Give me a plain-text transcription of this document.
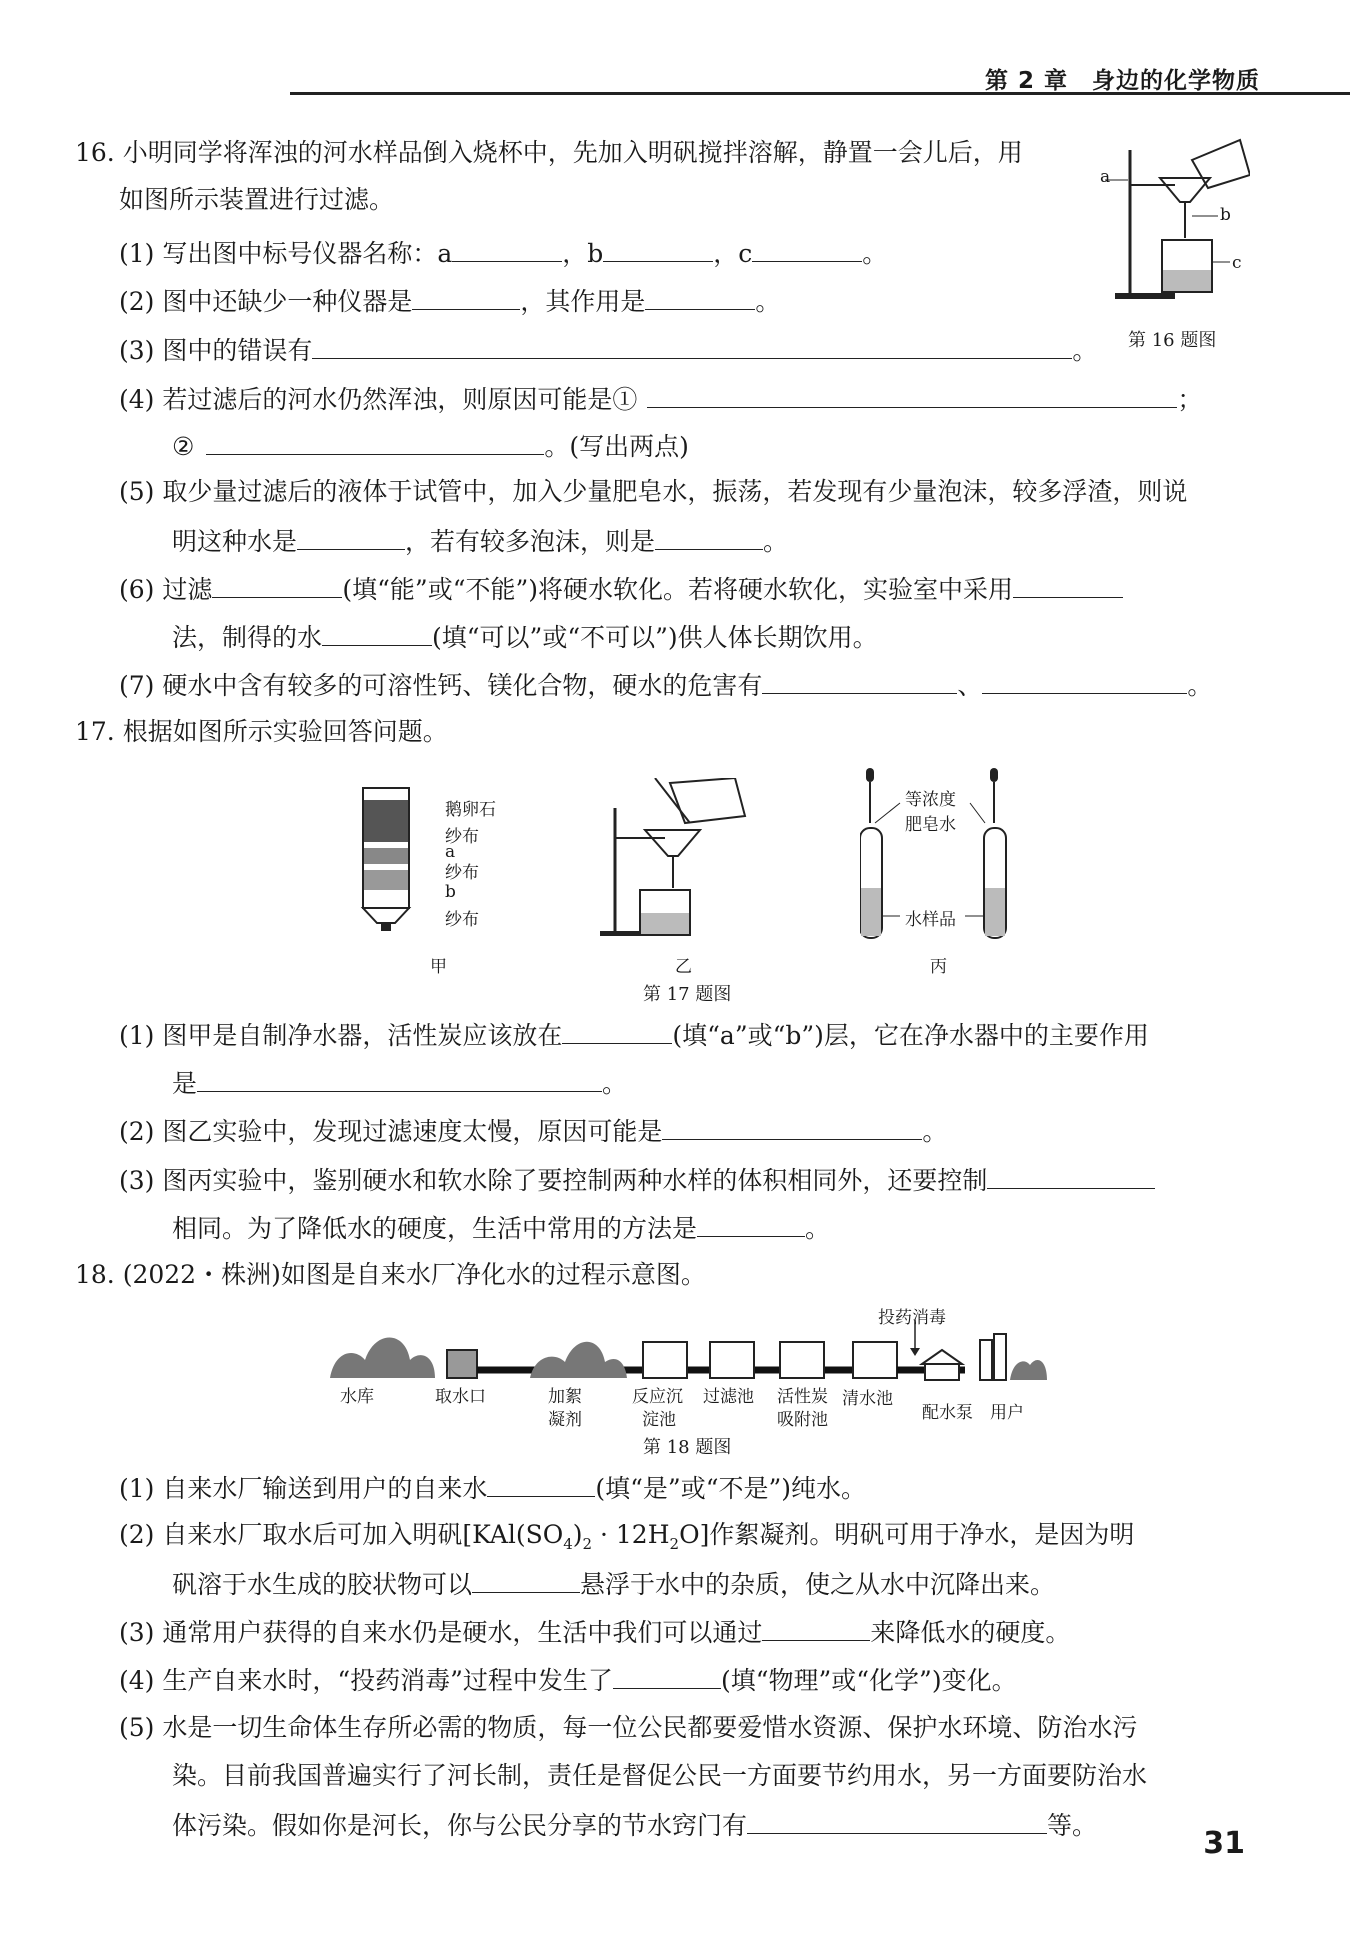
第 2 章　身边的化学物质
16. 小明同学将浑浊的河水样品倒入烧杯中，先加入明矾搅拌溶解，静置一会儿后，用
如图所示装置进行过滤。
(1) 写出图中标号仪器名称：a	，b	，c	。
(2) 图中还缺少一种仪器是	，其作用是	。
(3) 图中的错误有	。
(4) 若过滤后的河水仍然浑浊，则原因可能是①	；
②	。(写出两点)
(5) 取少量过滤后的液体于试管中，加入少量肥皂水，振荡，若发现有少量泡沫，较多浮渣，则说
明这种水是	，若有较多泡沫，则是	。
(6) 过滤	(填“能”或“不能”)将硬水软化。若将硬水软化，实验室中采用
法，制得的水	(填“可以”或“不可以”)供人体长期饮用。
(7) 硬水中含有较多的可溶性钙、镁化合物，硬水的危害有	、	。
a
b
c
第 16 题图
17. 根据如图所示实验回答问题。
鹅卵石
纱布
a
纱布
b
纱布
等浓度
肥皂水
水样品
甲	乙	丙
第 17 题图
(1) 图甲是自制净水器，活性炭应该放在	(填“a”或“b”)层，它在净水器中的主要作用
是	。
(2) 图乙实验中，发现过滤速度太慢，原因可能是	。
(3) 图丙实验中，鉴别硬水和软水除了要控制两种水样的体积相同外，还要控制
相同。为了降低水的硬度，生活中常用的方法是	。
18. (2022・株洲)如图是自来水厂净化水的过程示意图。
投药消毒
水库	取水口	加絮
凝剂
反应沉
淀池
过滤池 活性炭
吸附池
清水池
配水泵 用户
第 18 题图
(1) 自来水厂输送到用户的自来水	(填“是”或“不是”)纯水。
(2) 自来水厂取水后可加入明矾$[KAl(SO_4)_2 \cdot 12H_2O]$作絮凝剂。明矾可用于净水，是因为明
矾溶于水生成的胶状物可以	悬浮于水中的杂质，使之从水中沉降出来。
(3) 通常用户获得的自来水仍是硬水，生活中我们可以通过	来降低水的硬度。
(4) 生产自来水时，“投药消毒”过程中发生了	(填“物理”或“化学”)变化。
(5) 水是一切生命体生存所必需的物质，每一位公民都要爱惜水资源、保护水环境、防治水污
染。目前我国普遍实行了河长制，责任是督促公民一方面要节约用水，另一方面要防治水
体污染。假如你是河长，你与公民分享的节水窍门有	等。
31
